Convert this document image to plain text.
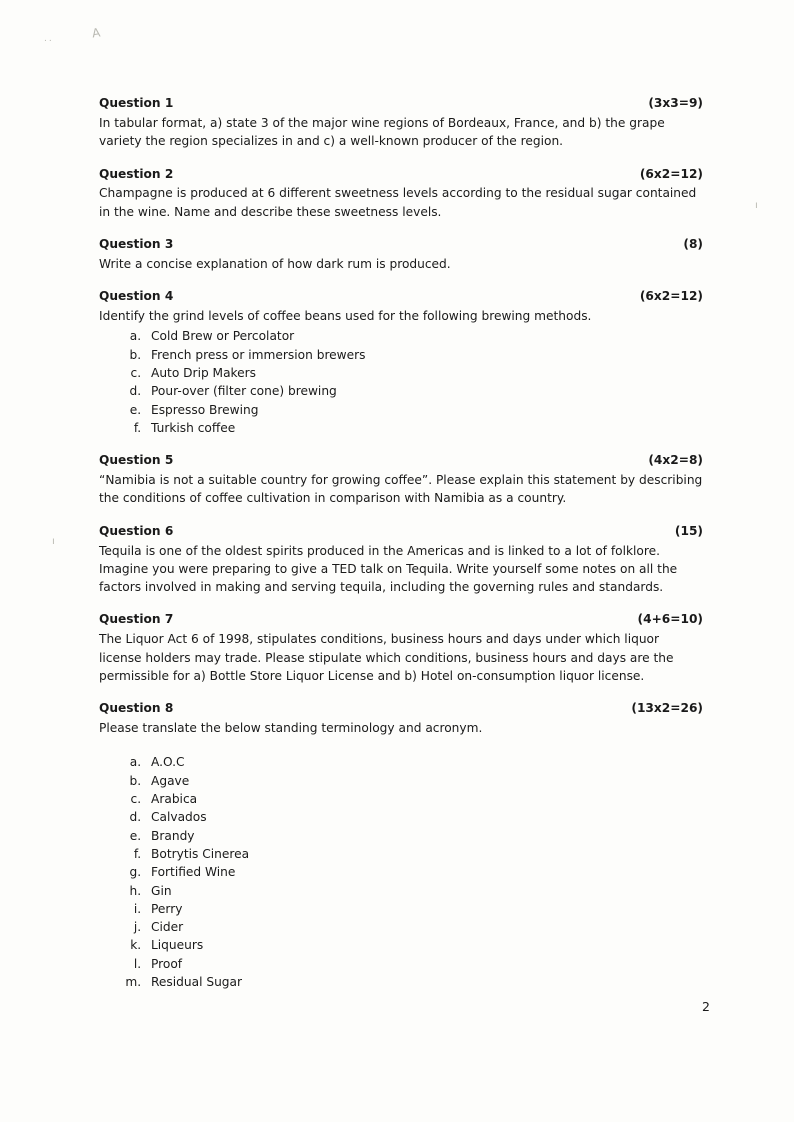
..	A
ı
ı
Question 1	(3x3=9)
In tabular format, a) state 3 of the major wine regions of Bordeaux, France, and b) the grape variety the region specializes in and c) a well-known producer of the region.
Question 2	(6x2=12)
Champagne is produced at 6 different sweetness levels according to the residual sugar contained in the wine. Name and describe these sweetness levels.
Question 3	(8)
Write a concise explanation of how dark rum is produced.
Question 4	(6x2=12)
Identify the grind levels of coffee beans used for the following brewing methods.
a. Cold Brew or Percolator
b. French press or immersion brewers
c. Auto Drip Makers
d. Pour-over (filter cone) brewing
e. Espresso Brewing
f. Turkish coffee
Question 5	(4x2=8)
“Namibia is not a suitable country for growing coffee”. Please explain this statement by describing the conditions of coffee cultivation in comparison with Namibia as a country.
Question 6	(15)
Tequila is one of the oldest spirits produced in the Americas and is linked to a lot of folklore. Imagine you were preparing to give a TED talk on Tequila. Write yourself some notes on all the factors involved in making and serving tequila, including the governing rules and standards.
Question 7	(4+6=10)
The Liquor Act 6 of 1998, stipulates conditions, business hours and days under which liquor license holders may trade. Please stipulate which conditions, business hours and days are the permissible for a) Bottle Store Liquor License and b) Hotel on-consumption liquor license.
Question 8	(13x2=26)
Please translate the below standing terminology and acronym.
a. A.O.C
b. Agave
c. Arabica
d. Calvados
e. Brandy
f. Botrytis Cinerea
g. Fortified Wine
h. Gin
i. Perry
j. Cider
k. Liqueurs
l. Proof
m. Residual Sugar
2
